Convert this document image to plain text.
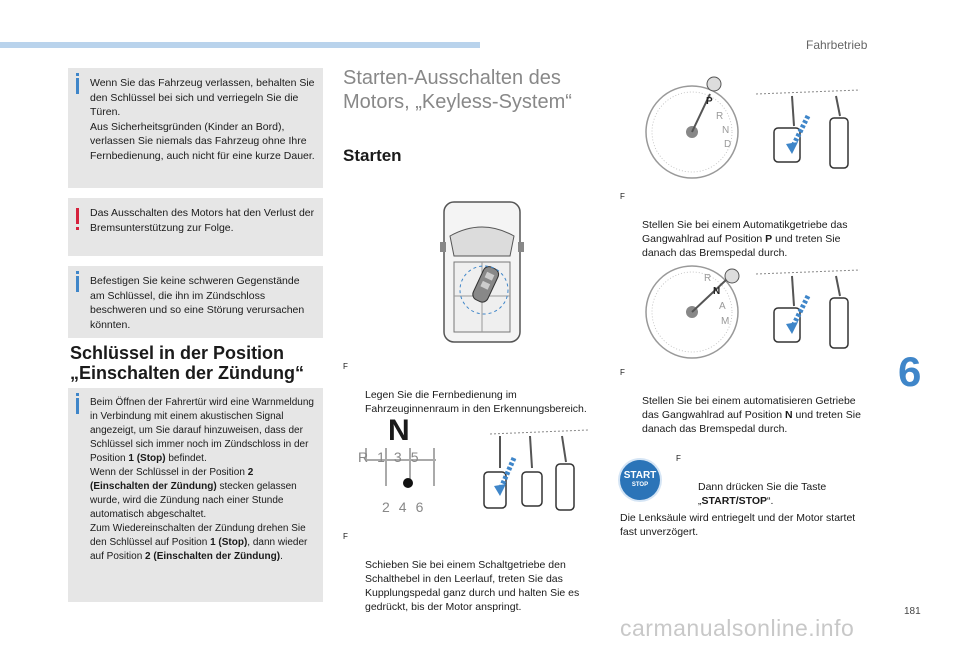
Fahrbetrieb
6
181
carmanualsonline.info
Wenn Sie das Fahrzeug verlassen, behalten Sie den Schlüssel bei sich und verriegeln Sie die Türen.
Aus Sicherheitsgründen (Kinder an Bord), verlassen Sie niemals das Fahrzeug ohne Ihre Fernbedienung, auch nicht für eine kurze Dauer.
Das Ausschalten des Motors hat den Verlust der Bremsunterstützung zur Folge.
Befestigen Sie keine schweren Gegenstände am Schlüssel, die ihn im Zündschloss beschweren und so eine Störung verursachen könnten.
Schlüssel in der Position „Einschalten der Zündung“
Beim Öffnen der Fahrertür wird eine Warnmeldung in Verbindung mit einem akustischen Signal angezeigt, um Sie darauf hinzuweisen, dass der Schlüssel sich immer noch im Zündschloss in der Position 1 (Stop) befindet.
Wenn der Schlüssel in der Position 2 (Einschalten der Zündung) stecken gelassen wurde, wird die Zündung nach einer Stunde automatisch abgeschaltet.
Zum Wiedereinschalten der Zündung drehen Sie den Schlüssel auf Position 1 (Stop), dann wieder auf Position 2 (Einschalten der Zündung).
Starten-Ausschalten des Motors, „Keyless-System“
Starten

F

Legen Sie die Fernbedienung im Fahrzeuginnenraum in den Erkennungsbereich.

N
R135
246

F

Schieben Sie bei einem Schaltgetriebe den Schalthebel in den Leerlauf, treten Sie das Kupplungspedal ganz durch und halten Sie es gedrückt, bis der Motor anspringt.

P
R
N
D

F

Stellen Sie bei einem Automatikgetriebe das Gangwahlrad auf Position P und treten Sie danach das Bremspedal durch.

R
N
A
M

F

Stellen Sie bei einem automatisieren Getriebe das Gangwahlrad auf Position N und treten Sie danach das Bremspedal durch.

START
STOP

F

Dann drücken Sie die Taste „START/STOP“.

Die Lenksäule wird entriegelt und der Motor startet fast unverzögert.
